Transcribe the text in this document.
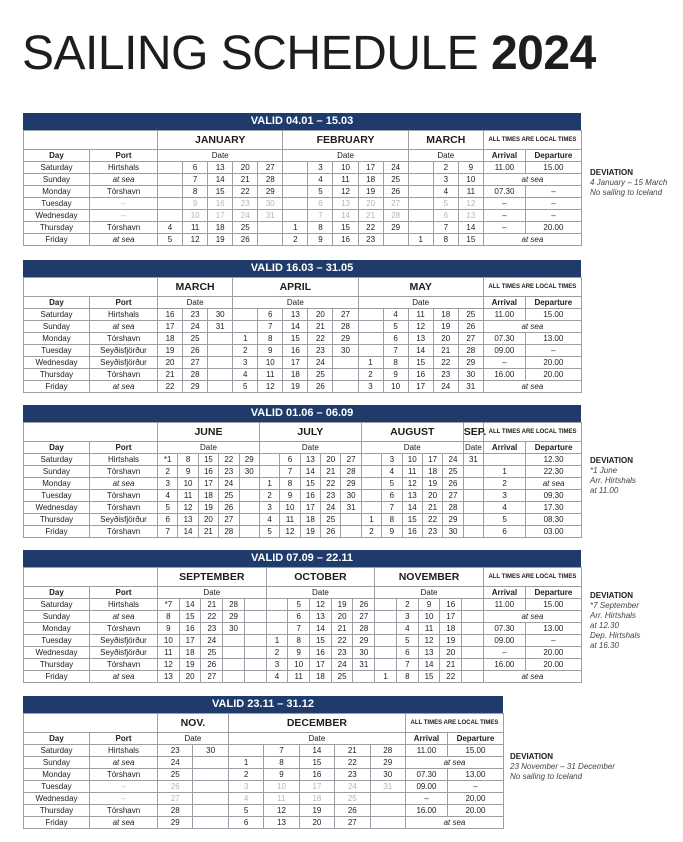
SAILING SCHEDULE 2024
VALID 04.01 – 15.03
		JANUARY					FEBRUARY					MARCH			ALL TIMES ARE LOCAL TIMES	
Day	Port	Date					Date					Date			Arrival	Departure
Saturday	Hirtshals		6	13	20	27		3	10	17	24		2	9	11.00	15.00
Sunday	at sea		7	14	21	28		4	11	18	25		3	10	at sea	
Monday	Tórshavn		8	15	22	29		5	12	19	26		4	11	07.30	–
Tuesday	–		9	16	23	30		6	13	20	27		5	12	–	–
Wednesday	–		10	17	24	31		7	14	21	28		6	13	–	–
Thursday	Tórshavn	4	11	18	25		1	8	15	22	29		7	14	–	20.00
Friday	at sea	5	12	19	26		2	9	16	23		1	8	15	at sea	
VALID 16.03 – 31.05
		MARCH			APRIL					MAY					ALL TIMES ARE LOCAL TIMES	
Day	Port	Date			Date					Date					Arrival	Departure
Saturday	Hirtshals	16	23	30		6	13	20	27		4	11	18	25	11.00	15.00
Sunday	at sea	17	24	31		7	14	21	28		5	12	19	26	at sea	
Monday	Tórshavn	18	25		1	8	15	22	29		6	13	20	27	07.30	13.00
Tuesday	Seyðisfjörður	19	26		2	9	16	23	30		7	14	21	28	09.00	–
Wednesday	Seyðisfjörður	20	27		3	10	17	24		1	8	15	22	29	–	20.00
Thursday	Tórshavn	21	28		4	11	18	25		2	9	16	23	30	16.00	20.00
Friday	at sea	22	29		5	12	19	26		3	10	17	24	31	at sea	
VALID 01.06 – 06.09
		JUNE					JULY					AUGUST					SEP.	ALL TIMES ARE LOCAL TIMES		
Day	Port	Date					Date					Date					Date	Arrival	Departure	
Saturday	Hirtshals	*1	8	15	22	29		6	13	20	27		3	10	17	24	31		12.30	
Sunday	Tórshavn	2	9	16	23	30		7	14	21	28		4	11	18	25		1	22.30	
Monday	at sea	3	10	17	24		1	8	15	22	29		5	12	19	26		2	at sea	
Tuesday	Tórshavn	4	11	18	25		2	9	16	23	30		6	13	20	27		3	09.30	
Wednesday	Tórshavn	5	12	19	26		3	10	17	24	31		7	14	21	28		4	17.30	
Thursday	Seyðisfjörður	6	13	20	27		4	11	18	25		1	8	15	22	29		5	08.30	
Friday	Tórshavn	7	14	21	28		5	12	19	26		2	9	16	23	30		6	03.00	
VALID 07.09 – 22.11
		SEPTEMBER					OCTOBER					NOVEMBER					ALL TIMES ARE LOCAL TIMES	
Day	Port	Date					Date					Date					Arrival	Departure
Saturday	Hirtshals	*7	14	21	28			5	12	19	26		2	9	16		11.00	15.00
Sunday	at sea	8	15	22	29			6	13	20	27		3	10	17		at sea	
Monday	Tórshavn	9	16	23	30			7	14	21	28		4	11	18		07.30	13.00
Tuesday	Seyðisfjörður	10	17	24			1	8	15	22	29		5	12	19		09.00	–
Wednesday	Seyðisfjörður	11	18	25			2	9	16	23	30		6	13	20		–	20.00
Thursday	Tórshavn	12	19	26			3	10	17	24	31		7	14	21		16.00	20.00
Friday	at sea	13	20	27			4	11	18	25		1	8	15	22		at sea	
VALID 23.11 – 31.12
		NOV.		DECEMBER					ALL TIMES ARE LOCAL TIMES	
Day	Port	Date		Date					Arrival	Departure
Saturday	Hirtshals	23	30		7	14	21	28	11.00	15.00
Sunday	at sea	24		1	8	15	22	29	at sea	
Monday	Tórshavn	25		2	9	16	23	30	07.30	13.00
Tuesday	–	26		3	10	17	24	31	09.00	–
Wednesday	–	27		4	11	18	25		–	20.00
Thursday	Tórshavn	28		5	12	19	26		16.00	20.00
Friday	at sea	29		6	13	20	27		at sea	
DEVIATION
4 January – 15 March
No sailing to Iceland
DEVIATION
*1 June
Arr. Hirtshals
at 11.00
DEVIATION
*7 September
Arr. Hirtshals
at 12.30
Dep. Hirtshals
at 16.30
DEVIATION
23 November – 31 December
No sailing to Iceland
